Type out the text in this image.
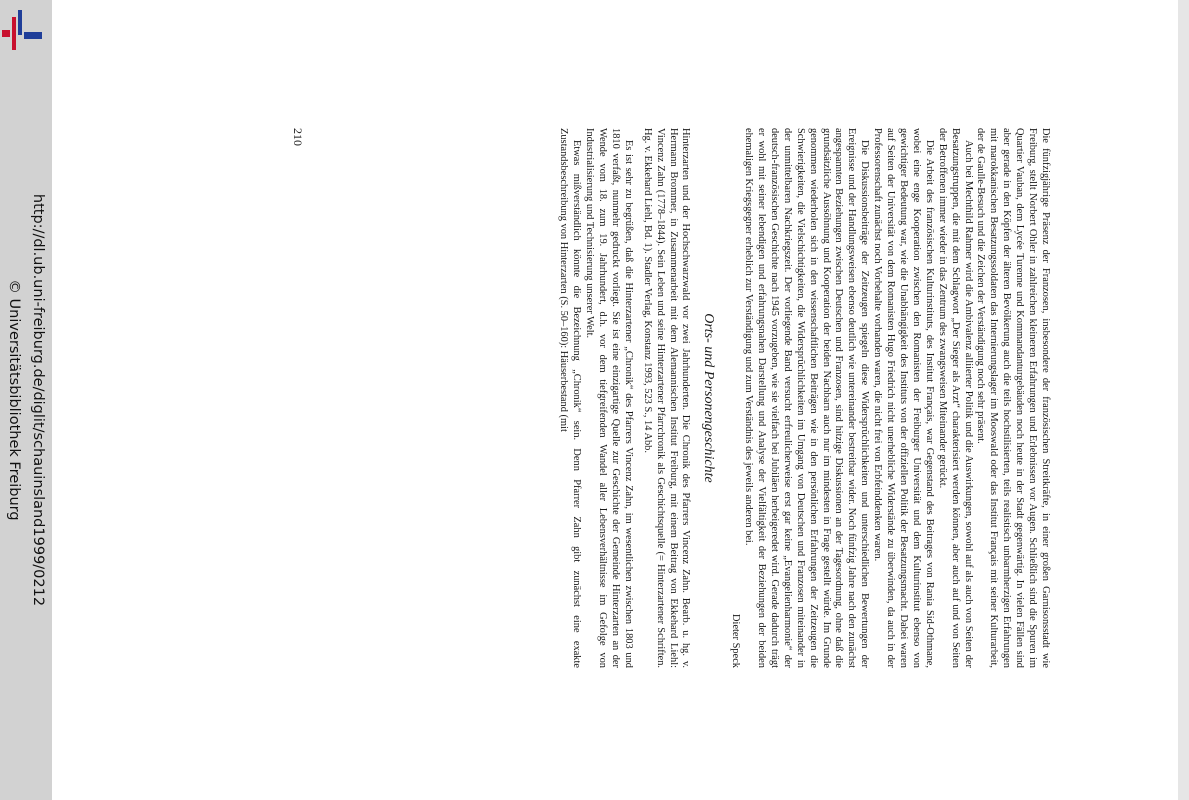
http://dl.ub.uni-freiburg.de/diglit/schauinsland1999/0212
© Universitätsbibliothek Freiburg	Die fünfzigjährige Präsenz der Franzosen, insbesondere der französischen Streitkräfte, in einer großen Garnisonsstadt wie Freiburg, stellt Norbert Ohler in zahlreichen kleineren Erfahrungen und Erlebnissen vor Augen. Schließlich sind die Spuren im Quartier Vauban, dem Lycée Turenne und Kommandanturgebäuden noch heute in der Stadt gegenwärtig. In vielen Fällen sind aber gerade in den Köpfen der älteren Bevölkerung auch die teils hochstilisierten, teils realistisch unbarmherzigen Erfahrungen mit marokkanischen Besatzungssoldaten das Internierungslager im Mooswald oder das Institut Français mit seiner Kulturarbeit, der de Gaulle-Besuch und die Zeichen der Verständigung noch sehr präsent.

Auch bei Mechthild Rahmer wird die Ambivalenz alliierter Politik und die Auswirkungen, sowohl auf als auch von Seiten der Besatzungstruppen, die mit dem Schlagwort „Der Sieger als Arzt“ charakterisiert werden können, aber auch auf und von Seiten der Betroffenen immer wieder in das Zentrum des zwangsweisen Miteinander gerückt.

Die Arbeit des französischen Kulturinstituts, des Institut Français, war Gegenstand des Beitrages von Rania Sid-Othmane, wobei eine enge Kooperation zwischen den Romanisten der Freiburger Universität und dem Kulturinstitut ebenso von gewichtiger Bedeutung war, wie die Unabhängigkeit des Instituts von der offiziellen Politik der Besatzungsmacht. Dabei waren auf Seiten der Universität von dem Romanisten Hugo Friedrich nicht unerhebliche Widerstände zu überwinden, da auch in der Professorenschaft zunächst noch Vorbehalte vorhanden waren, die nicht frei von Erbfeinddenken waren.

Die Diskussionsbeiträge der Zeitzeugen spiegeln diese Widersprüchlichkeiten und unterschiedlichen Bewertungen der Ereignisse und der Handlungsweisen ebenso deutlich wie untereinander bestreitbar wider. Noch fünfzig Jahre nach den zunächst angespannten Beziehungen zwischen Deutschen und Franzosen, sind hitzige Diskussionen an der Tagesordnung, ohne daß die grundsätzliche Aussöhnung und Kooperation der beiden Nachbarn auch nur im mindesten in Frage gestellt würde. Im Grunde genommen wiederholen sich in den wissenschaftlichen Beiträgen wie in den persönlichen Erfahrungen der Zeitzeugen die Schwierigkeiten, die Vielschichtigkeiten, die Widersprüchlichkeiten im Umgang von Deutschen und Franzosen miteinander in der unmittelbaren Nachkriegszeit. Der vorliegende Band versucht erfreulicherweise erst gar keine „Evangelienharmonie“ der deutsch-französischen Geschichte nach 1945 vorzugeben, wie sie vielfach bei Jubiläen herbeigeredet wird. Gerade dadurch trägt er wohl mit seiner lebendigen und erfahrungsnahen Darstellung und Analyse der Vielfältigkeit der Beziehungen der beiden ehemaligen Kriegsgegner erheblich zur Verständigung und zum Verständnis des jeweils anderen bei.

Dieter Speck

Orts- und Personengeschichte

Hinterzarten und der Hochschwarzwald vor zwei Jahrhunderten. Die Chronik des Pfarrers Vincenz Zahn. Bearb. u. hg. v. Hermann Brommer, in Zusammenarbeit mit dem Alemannischen Institut Freiburg, mit einem Beitrag von Ekkehard Liehl: Vincenz Zahn (1778–1844). Sein Leben und seine Hinterzartener Pfarrchronik als Geschichtsquelle (= Hinterzartener Schriften. Hg. v. Ekkehard Liehl, Bd. 1). Stadler Verlag, Konstanz 1993, 523 S., 14 Abb.

Es ist sehr zu begrüßen, daß die Hinterzartener „Chronik“ des Pfarrers Vincenz Zahn, im wesentlichen zwischen 1803 und 1810 verfaßt, nunmehr gedruckt vorliegt. Sie ist eine einzigartige Quelle zur Geschichte der Gemeinde Hinterzarten an der Wende vom 18. zum 19. Jahrhundert, d.h. vor dem tiefgreifenden Wandel aller Lebensverhältnisse im Gefolge von Industrialisierung und Technisierung unserer Welt.

Etwas mißverständlich könnte die Bezeichnung „Chronik“ sein. Denn Pfarrer Zahn gibt zunächst eine exakte Zustandsbeschreibung von Hinterzarten (S. 50–160): Häuserbestand (mit

210
